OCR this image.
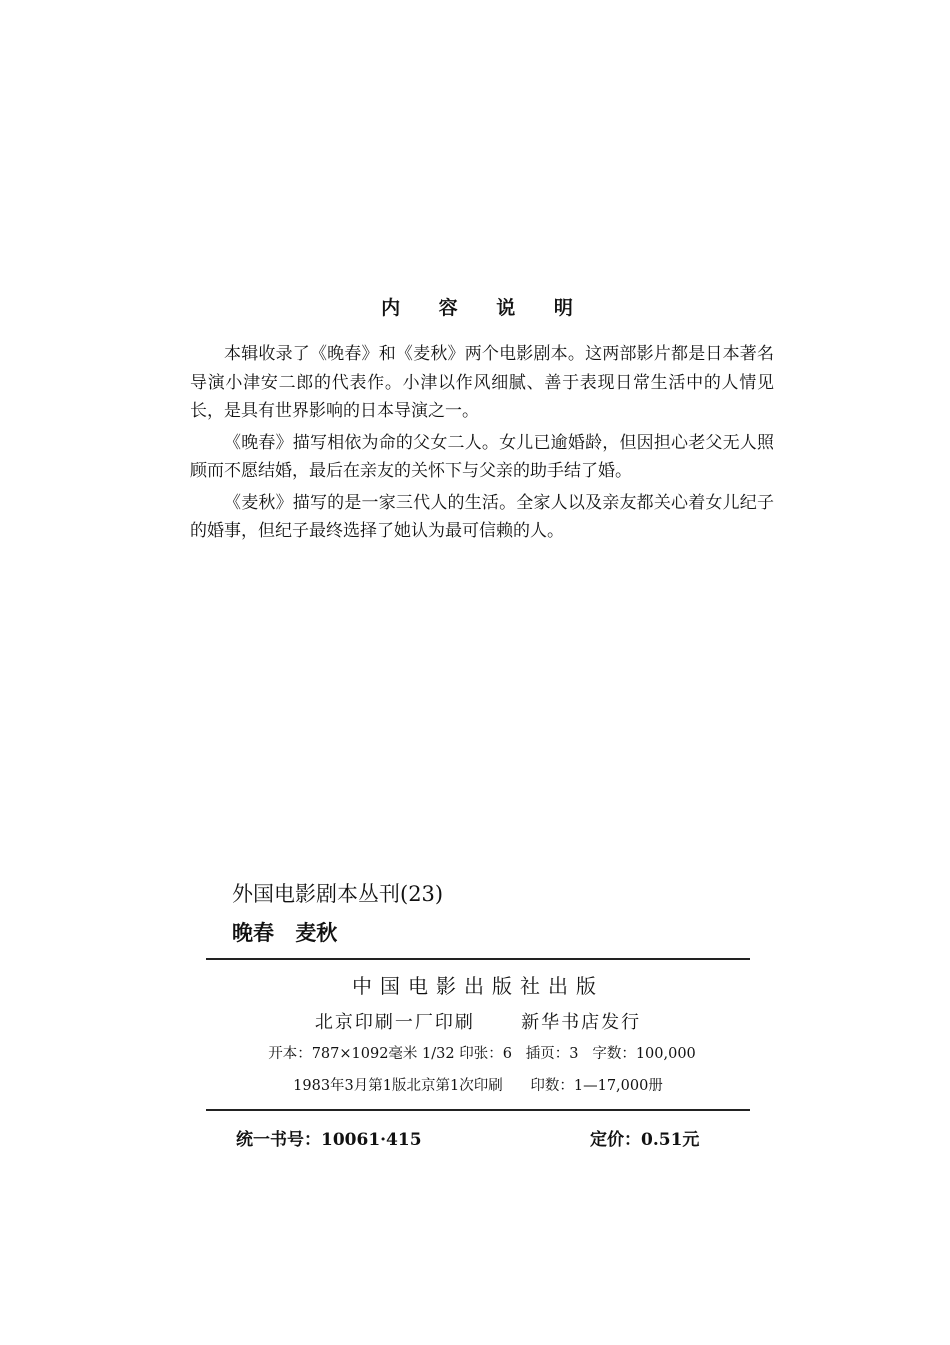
内 容 说 明

本辑收录了《晚春》和《麦秋》两个电影剧本。这两部影片都是日本著名导演小津安二郎的代表作。小津以作风细腻、善于表现日常生活中的人情见长，是具有世界影响的日本导演之一。

《晚春》描写相依为命的父女二人。女儿已逾婚龄，但因担心老父无人照顾而不愿结婚，最后在亲友的关怀下与父亲的助手结了婚。

《麦秋》描写的是一家三代人的生活。全家人以及亲友都关心着女儿纪子的婚事，但纪子最终选择了她认为最可信赖的人。

外国电影剧本丛刊(23)

晚春 麦秋

中国电影出版社出版

北京印刷一厂印刷      新华书店发行

开本：787×1092毫米 1/32 印张：6   插页：3   字数：100,000

1983年3月第1版北京第1次印刷      印数：1—17,000册

统一书号：10061·415	定价：0.51元
